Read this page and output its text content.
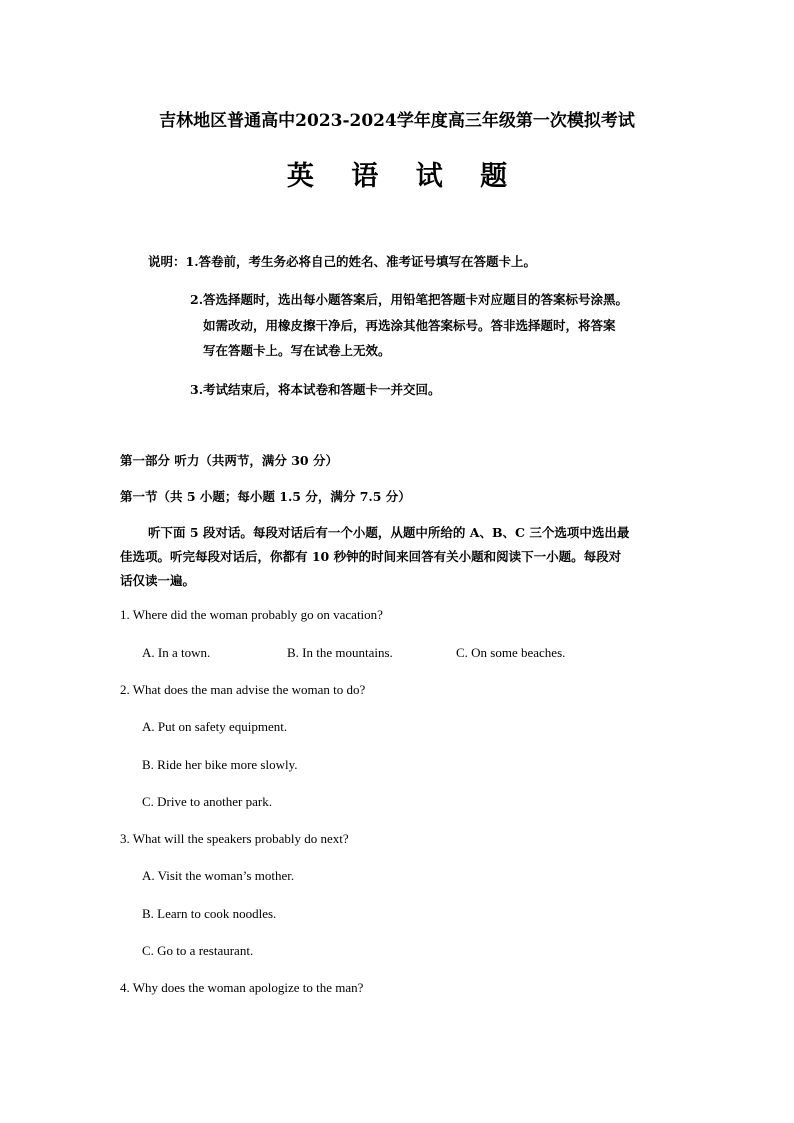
吉林地区普通高中2023-2024学年度高三年级第一次模拟考试
英 语 试 题
说明：1.答卷前，考生务必将自己的姓名、准考证号填写在答题卡上。
2.答选择题时，选出每小题答案后，用铅笔把答题卡对应题目的答案标号涂黑。
如需改动，用橡皮擦干净后，再选涂其他答案标号。答非选择题时，将答案
写在答题卡上。写在试卷上无效。
3.考试结束后，将本试卷和答题卡一并交回。
第一部分 听力（共两节，满分 30 分）
第一节（共 5 小题；每小题 1.5 分，满分 7.5 分）
听下面 5 段对话。每段对话后有一个小题，从题中所给的 A、B、C 三个选项中选出最
佳选项。听完每段对话后，你都有 10 秒钟的时间来回答有关小题和阅读下一小题。每段对
话仅读一遍。
1. Where did the woman probably go on vacation?
A. In a town.	B. In the mountains.	C. On some beaches.
2. What does the man advise the woman to do?
A. Put on safety equipment.
B. Ride her bike more slowly.
C. Drive to another park.
3. What will the speakers probably do next?
A. Visit the woman’s mother.
B. Learn to cook noodles.
C. Go to a restaurant.
4. Why does the woman apologize to the man?
